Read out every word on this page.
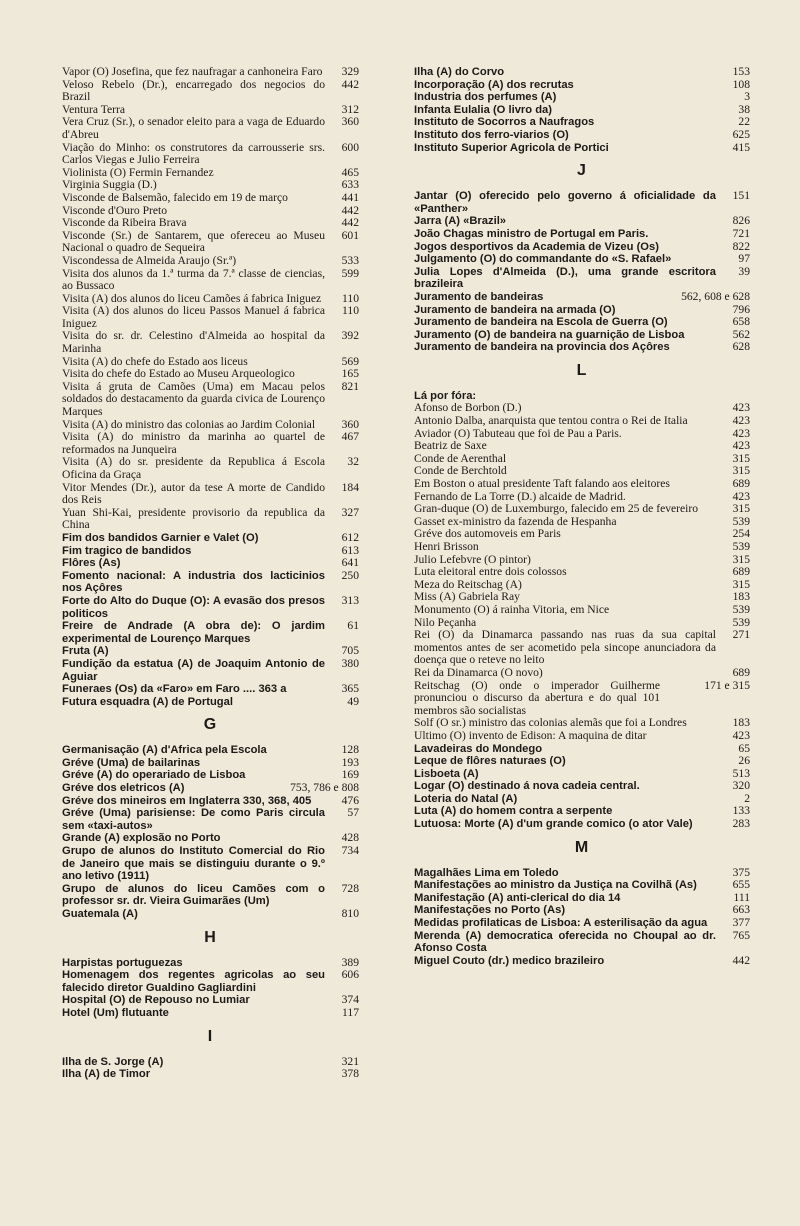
Vapor (O) Josefina, que fez naufragar a canhoneira Faro	329
Veloso Rebelo (Dr.), encarregado dos negocios do Brazil
442
Ventura Terra	312
Vera Cruz (Sr.), o senador eleito para a vaga de Eduardo d'Abreu
360
Viação do Minho: os construtores da carrousserie srs. Carlos Viegas e Julio Ferreira
600
Violinista (O) Fermin Fernandez	465
Virginia Suggia (D.)	633
Visconde de Balsemão, falecido em 19 de março	441
Visconde d'Ouro Preto	442
Visconde da Ribeira Brava	442
Visconde (Sr.) de Santarem, que ofereceu ao Museu Nacional o quadro de Sequeira
601
Viscondessa de Almeida Araujo (Sr.ª)	533
Visita dos alunos da 1.ª turma da 7.ª classe de ciencias, ao Bussaco
599
Visita (A) dos alunos do liceu Camões á fabrica Iniguez	110
Visita (A) dos alunos do liceu Passos Manuel á fabrica Iniguez
110
Visita do sr. dr. Celestino d'Almeida ao hospital da Marinha
392
Visita (A) do chefe do Estado aos liceus	569
Visita do chefe do Estado ao Museu Arqueologico	165
Visita á gruta de Camões (Uma) em Macau pelos soldados do destacamento da guarda civica de Lourenço Marques
821
Visita (A) do ministro das colonias ao Jardim Colonial	360
Visita (A) do ministro da marinha ao quartel de reformados na Junqueira
467
Visita (A) do sr. presidente da Republica á Escola Oficina da Graça
32
Vitor Mendes (Dr.), autor da tese A morte de Candido dos Reis
184
Yuan Shi-Kai, presidente provisorio da republica da China
327
Fim dos bandidos Garnier e Valet (O)	612
Fim tragico de bandidos	613
Flôres (As)	641
Fomento nacional: A industria dos lacticinios nos Açôres
250
Forte do Alto do Duque (O): A evasão dos presos politicos
313
Freire de Andrade (A obra de): O jardim experimental de Lourenço Marques
61
Fruta (A)	705
Fundição da estatua (A) de Joaquim Antonio de Aguiar
380
Funeraes (Os) da «Faro» em Faro .... 363 a	365
Futura esquadra (A) de Portugal	49
G
Germanisação (A) d'Africa pela Escola	128
Gréve (Uma) de bailarinas	193
Gréve (A) do operariado de Lisboa	169
Gréve dos eletricos (A)	753, 786 e 808
Gréve dos mineiros em Inglaterra 330, 368, 405	476
Gréve (Uma) parisiense: De como Paris circula sem «taxi-autos»
57
Grande (A) explosão no Porto	428
Grupo de alunos do Instituto Comercial do Rio de Janeiro que mais se distinguiu durante o 9.º ano letivo (1911)
734
Grupo de alunos do liceu Camões com o professor sr. dr. Vieira Guimarães (Um)
728
Guatemala (A)	810
H
Harpistas portuguezas	389
Homenagem dos regentes agricolas ao seu falecido diretor Gualdino Gagliardini
606
Hospital (O) de Repouso no Lumiar	374
Hotel (Um) flutuante	117
I
Ilha de S. Jorge (A)	321
Ilha (A) de Timor	378
Ilha (A) do Corvo	153
Incorporação (A) dos recrutas	108
Industria dos perfumes (A)	3
Infanta Eulalia (O livro da)	38
Instituto de Socorros a Naufragos	22
Instituto dos ferro-viarios (O)	625
Instituto Superior Agricola de Portici	415
J
Jantar (O) oferecido pelo governo á oficialidade da «Panther»
151
Jarra (A) «Brazil»	826
João Chagas ministro de Portugal em Paris.	721
Jogos desportivos da Academia de Vizeu (Os)	822
Julgamento (O) do commandante do «S. Rafael»	97
Julia Lopes d'Almeida (D.), uma grande escritora brazileira
39
Juramento de bandeiras	562, 608 e 628
Juramento de bandeira na armada (O)	796
Juramento de bandeira na Escola de Guerra (O)	658
Juramento (O) de bandeira na guarnição de Lisboa	562
Juramento de bandeira na provincia dos Açôres	628
L
Lá por fóra:
Afonso de Borbon (D.)	423
Antonio Dalba, anarquista que tentou contra o Rei de Italia	423
Aviador (O) Tabuteau que foi de Pau a Paris.	423
Beatriz de Saxe	423
Conde de Aerenthal	315
Conde de Berchtold	315
Em Boston o atual presidente Taft falando aos eleitores	689
Fernando de La Torre (D.) alcaide de Madrid.	423
Gran-duque (O) de Luxemburgo, falecido em 25 de fevereiro	315
Gasset ex-ministro da fazenda de Hespanha	539
Gréve dos automoveis em Paris	254
Henri Brisson	539
Julio Lefebvre (O pintor)	315
Luta eleitoral entre dois colossos	689
Meza do Reitschag (A)	315
Miss (A) Gabriela Ray	183
Monumento (O) á rainha Vitoria, em Nice	539
Nilo Peçanha	539
Rei (O) da Dinamarca passando nas ruas da sua capital momentos antes de ser acometido pela sincope anunciadora da doença que o reteve no leito
271
Rei da Dinamarca (O novo)	689
Reitschag (O) onde o imperador Guilherme pronunciou o discurso da abertura e do qual 101 membros são socialistas
171 e 315
Solf (O sr.) ministro das colonias alemãs que foi a Londres	183
Ultimo (O) invento de Edison: A maquina de ditar	423
Lavadeiras do Mondego	65
Leque de flôres naturaes (O)	26
Lisboeta (A)	513
Logar (O) destinado á nova cadeia central.	320
Loteria do Natal (A)	2
Luta (A) do homem contra a serpente	133
Lutuosa: Morte (A) d'um grande comico (o ator Vale)	283
M
Magalhães Lima em Toledo	375
Manifestações ao ministro da Justiça na Covilhã (As)	655
Manifestação (A) anti-clerical do dia 14	111
Manifestações no Porto (As)	663
Medidas profilaticas de Lisboa: A esterilisação da agua	377
Merenda (A) democratica oferecida no Choupal ao dr. Afonso Costa
765
Miguel Couto (dr.) medico brazileiro	442
